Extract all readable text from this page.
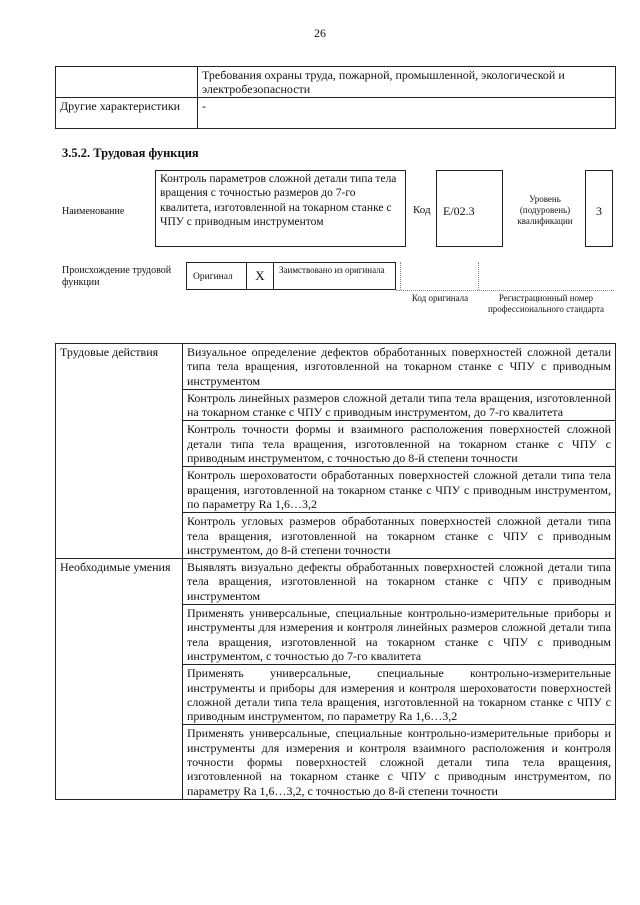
26
	Требования охраны труда, пожарной, промышленной, экологической и электробезопасности
Другие характеристики	-
3.5.2. Трудовая функция
Наименование
Контроль параметров сложной детали типа тела вращения с точностью размеров до 7-го квалитета, изготовленной на токарном станке с ЧПУ с приводным инструментом
Код	Е/02.3
Уровень (подуровень) квалификации
3
Происхождение трудовой функции	Оригинал	X	Заимствовано из оригинала
Код оригинала	Регистрационный номер профессионального стандарта
Трудовые действия	Визуальное определение дефектов обработанных поверхностей сложной детали типа тела вращения, изготовленной на токарном станке с ЧПУ с приводным инструментом
	Контроль линейных размеров сложной детали типа тела вращения, изготовленной на токарном станке с ЧПУ с приводным инструментом, до 7-го квалитета
	Контроль точности формы и взаимного расположения поверхностей сложной детали типа тела вращения, изготовленной на токарном станке с ЧПУ с приводным инструментом, с точностью до 8-й степени точности
	Контроль шероховатости обработанных поверхностей сложной детали типа тела вращения, изготовленной на токарном станке с ЧПУ с приводным инструментом, по параметру Ra 1,6…3,2
	Контроль угловых размеров обработанных поверхностей сложной детали типа тела вращения, изготовленной на токарном станке с ЧПУ с приводным инструментом, до 8-й степени точности
Необходимые умения	Выявлять визуально дефекты обработанных поверхностей сложной детали типа тела вращения, изготовленной на токарном станке с ЧПУ с приводным инструментом
	Применять универсальные, специальные контрольно-измерительные приборы и инструменты для измерения и контроля линейных размеров сложной детали типа тела вращения, изготовленной на токарном станке с ЧПУ с приводным инструментом, с точностью до 7-го квалитета
	Применять универсальные, специальные контрольно-измерительные инструменты и приборы для измерения и контроля шероховатости поверхностей сложной детали типа тела вращения, изготовленной на токарном станке с ЧПУ с приводным инструментом, по параметру Ra 1,6…3,2
	Применять универсальные, специальные контрольно-измерительные приборы и инструменты для измерения и контроля взаимного расположения и контроля точности формы поверхностей сложной детали типа тела вращения, изготовленной на токарном станке с ЧПУ с приводным инструментом, по параметру Ra 1,6…3,2, с точностью до 8-й степени точности
